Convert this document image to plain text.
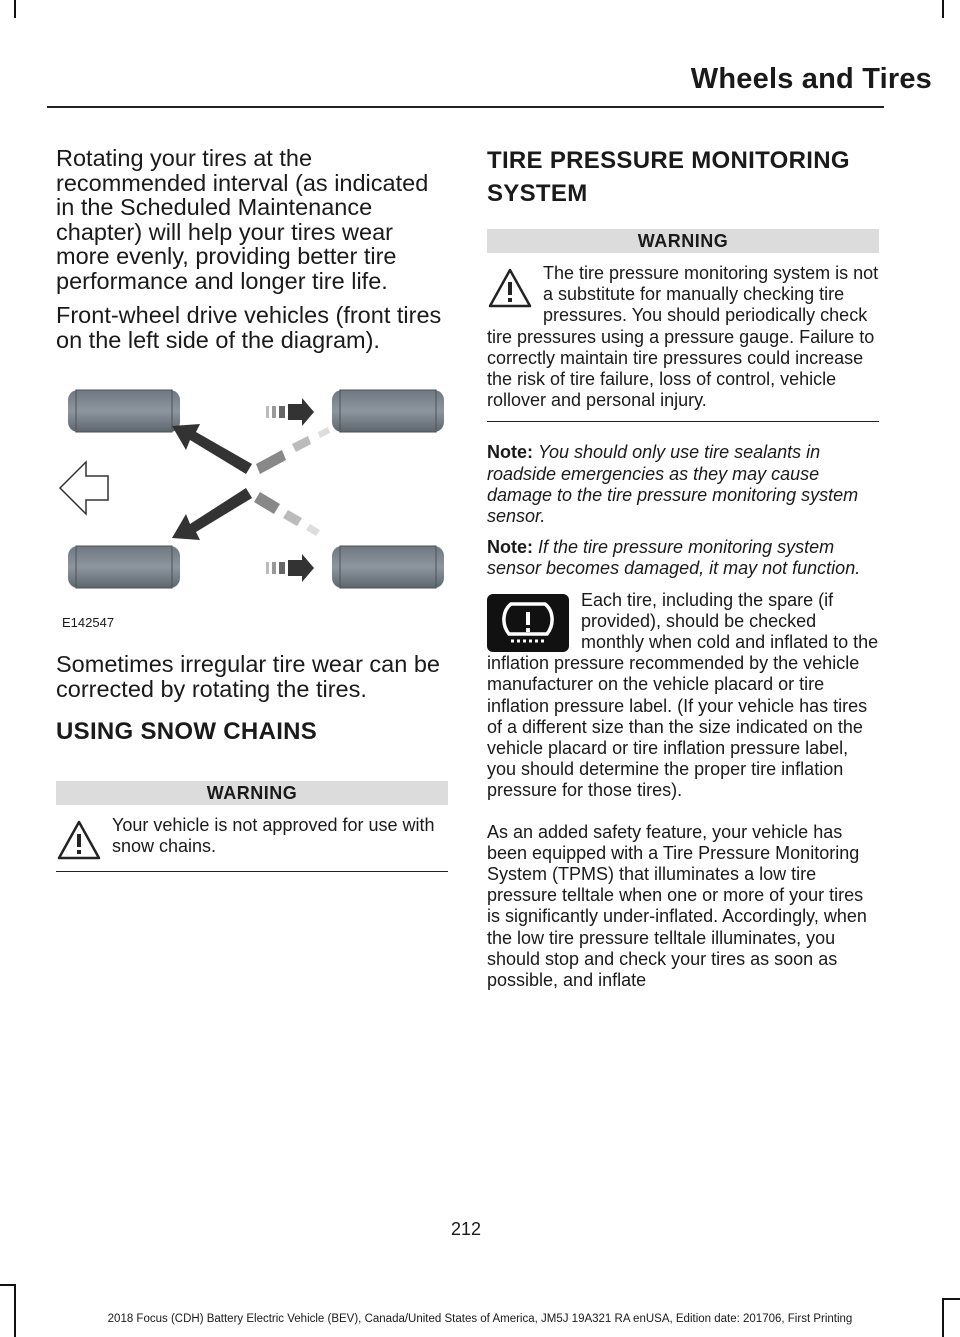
Wheels and Tires

Rotating your tires at the recommended interval (as indicated in the Scheduled Maintenance chapter) will help your tires wear more evenly, providing better tire performance and longer tire life.

Front-wheel drive vehicles (front tires on the left side of the diagram).

E142547

Sometimes irregular tire wear can be corrected by rotating the tires.

USING SNOW CHAINS
WARNING
Your vehicle is not approved for use with snow chains.
TIRE PRESSURE MONITORING
SYSTEM
WARNING
The tire pressure monitoring system is not a substitute for manually checking tire pressures. You should periodically check tire pressures using a pressure gauge. Failure to correctly maintain tire pressures could increase the risk of tire failure, loss of control, vehicle rollover and personal injury.

Note: You should only use tire sealants in roadside emergencies as they may cause damage to the tire pressure monitoring system sensor.

Note: If the tire pressure monitoring system sensor becomes damaged, it may not function.

Each tire, including the spare (if provided), should be checked monthly when cold and inflated to the inflation pressure recommended by the vehicle manufacturer on the vehicle placard or tire inflation pressure label. (If your vehicle has tires of a different size than the size indicated on the vehicle placard or tire inflation pressure label, you should determine the proper tire inflation pressure for those tires).

As an added safety feature, your vehicle has been equipped with a Tire Pressure Monitoring System (TPMS) that illuminates a low tire pressure telltale when one or more of your tires is significantly under-inflated. Accordingly, when the low tire pressure telltale illuminates, you should stop and check your tires as soon as possible, and inflate

212
2018 Focus (CDH) Battery Electric Vehicle (BEV), Canada/United States of America, JM5J 19A321 RA enUSA, Edition date: 201706, First Printing
